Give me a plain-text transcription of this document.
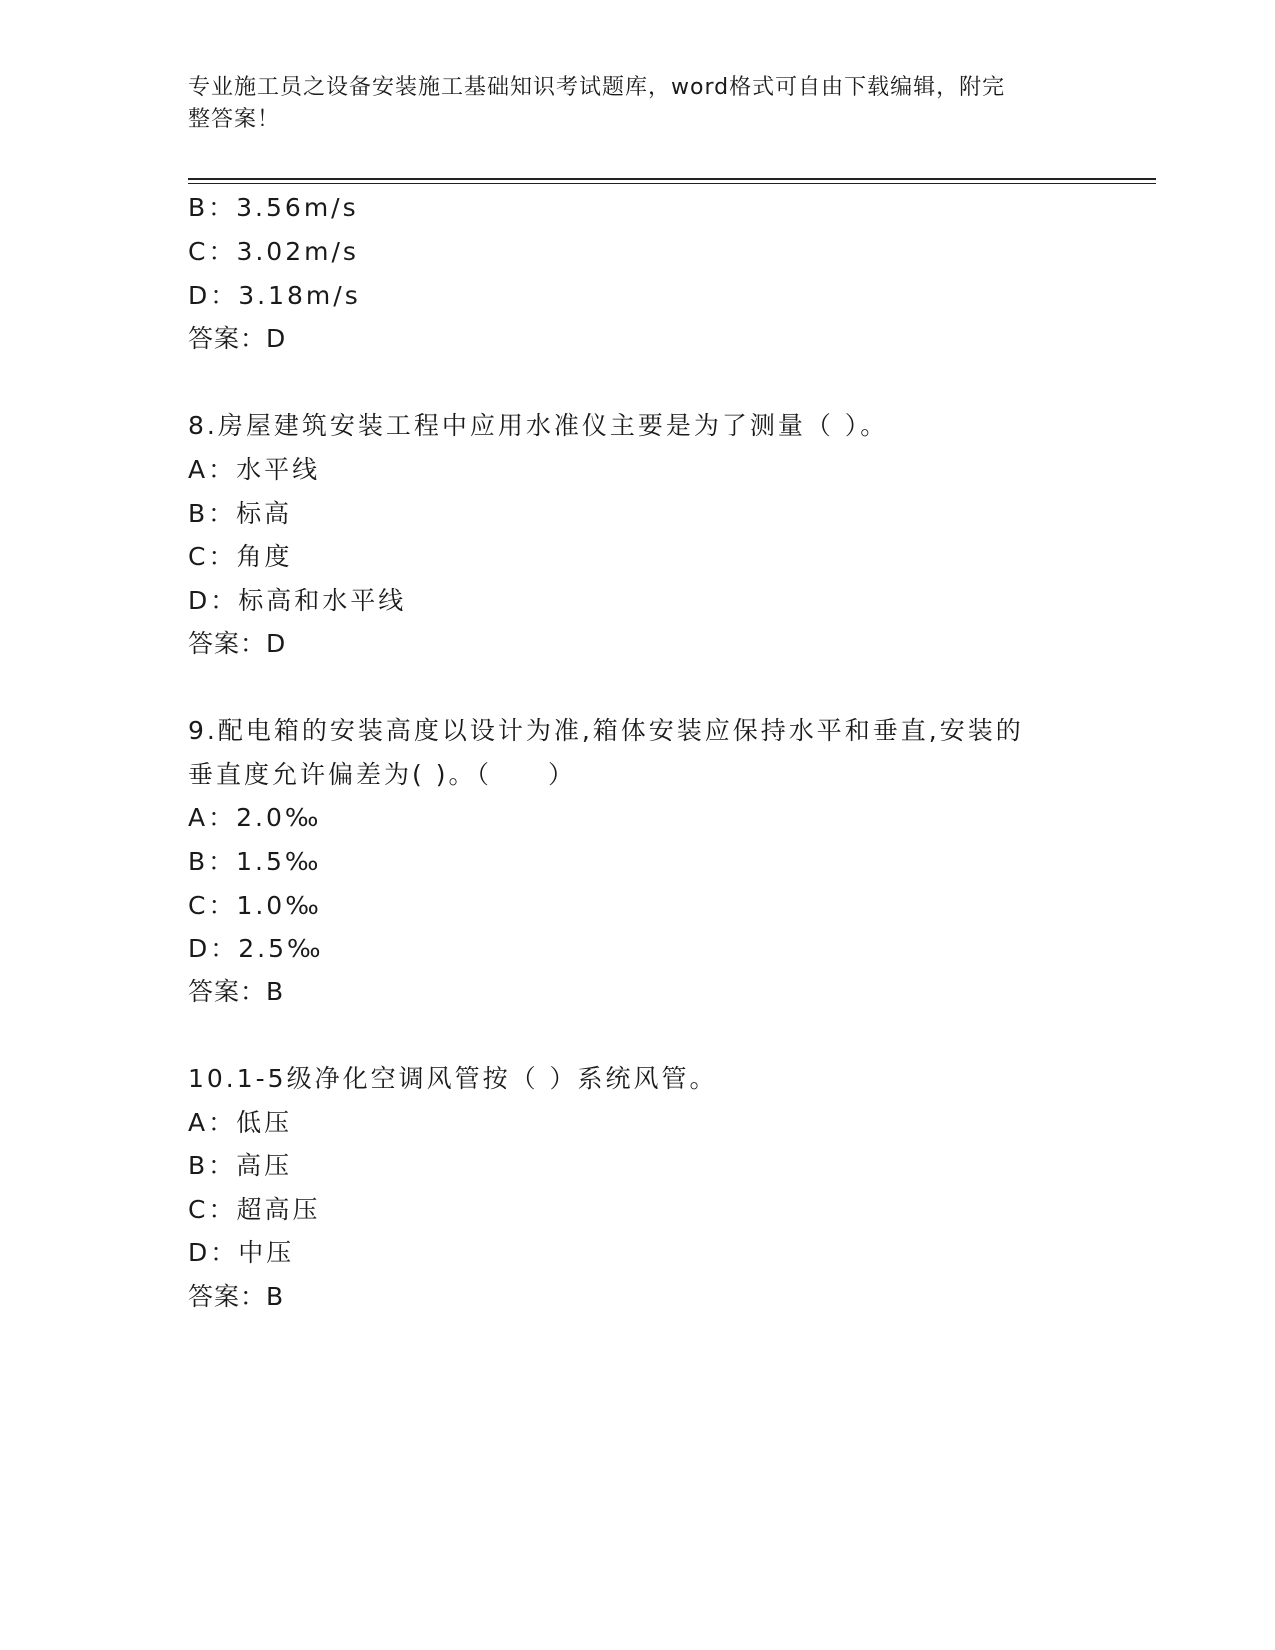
专业施工员之设备安装施工基础知识考试题库，word格式可自由下载编辑，附完
整答案！
B：3.56m/s
C：3.02m/s
D：3.18m/s
答案：D
8.房屋建筑安装工程中应用水准仪主要是为了测量（ ）。
A：水平线
B：标高
C：角度
D：标高和水平线
答案：D
9.配电箱的安装高度以设计为准,箱体安装应保持水平和垂直,安装的
垂直度允许偏差为( )。（　　）
A：2.0‰
B：1.5‰
C：1.0‰
D：2.5‰
答案：B
10.1-5级净化空调风管按（ ）系统风管。
A：低压
B：高压
C：超高压
D：中压
答案：B
